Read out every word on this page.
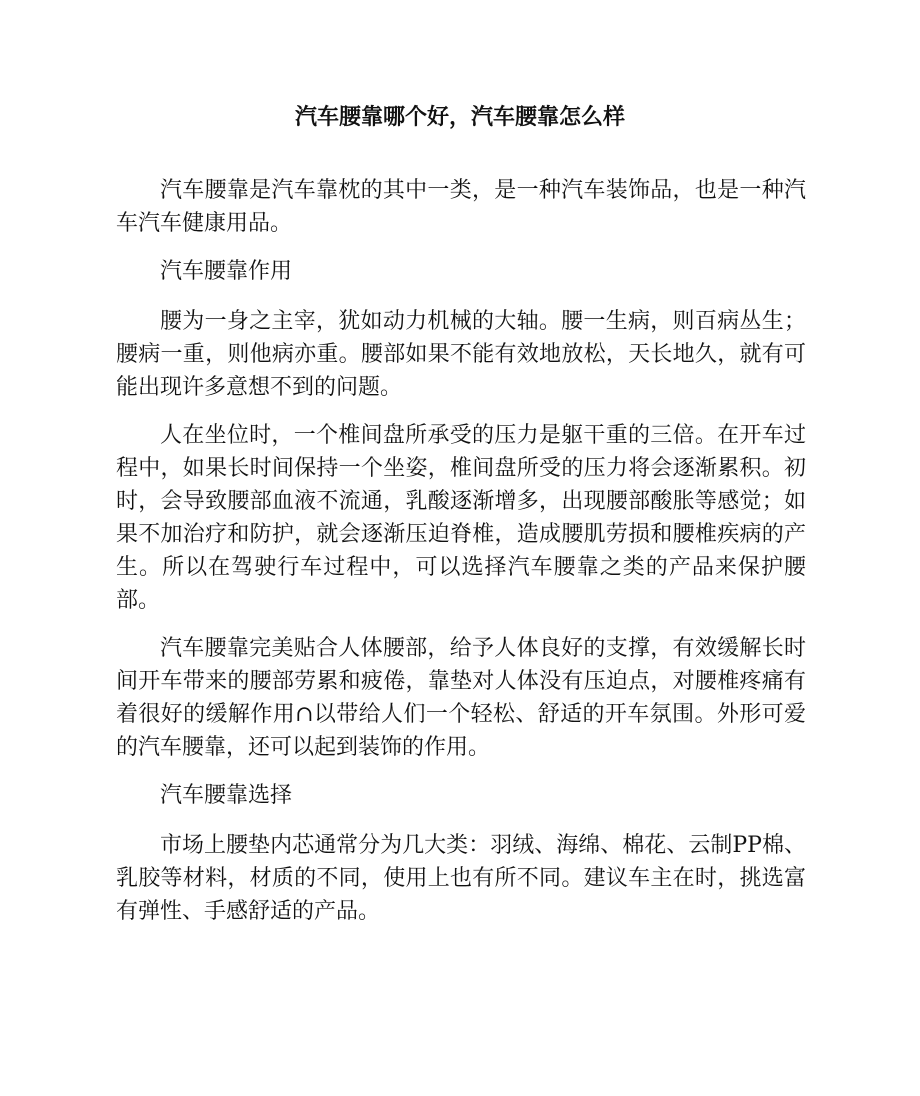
汽车腰靠哪个好，汽车腰靠怎么样

汽车腰靠是汽车靠枕的其中一类，是一种汽车装饰品，也是一种汽车汽车健康用品。

汽车腰靠作用

腰为一身之主宰，犹如动力机械的大轴。腰一生病，则百病丛生；腰病一重，则他病亦重。腰部如果不能有效地放松，天长地久，就有可能出现许多意想不到的问题。

人在坐位时，一个椎间盘所承受的压力是躯干重的三倍。在开车过程中，如果长时间保持一个坐姿，椎间盘所受的压力将会逐渐累积。初时，会导致腰部血液不流通，乳酸逐渐增多，出现腰部酸胀等感觉；如果不加治疗和防护，就会逐渐压迫脊椎，造成腰肌劳损和腰椎疾病的产生。所以在驾驶行车过程中，可以选择汽车腰靠之类的产品来保护腰部。

汽车腰靠完美贴合人体腰部，给予人体良好的支撑，有效缓解长时间开车带来的腰部劳累和疲倦，靠垫对人体没有压迫点，对腰椎疼痛有着很好的缓解作用∩以带给人们一个轻松、舒适的开车氛围。外形可爱的汽车腰靠，还可以起到装饰的作用。

汽车腰靠选择

市场上腰垫内芯通常分为几大类：羽绒、海绵、棉花、云制PP棉、乳胶等材料，材质的不同，使用上也有所不同。建议车主在时，挑选富有弹性、手感舒适的产品。
